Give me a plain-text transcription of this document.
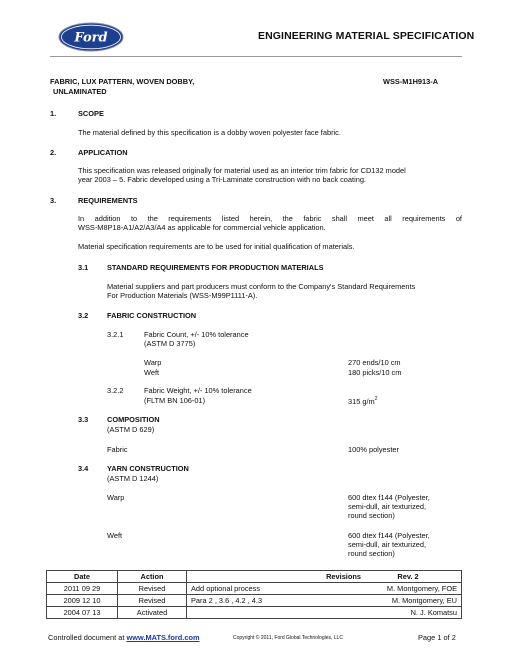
Ford	ENGINEERING MATERIAL SPECIFICATION
FABRIC, LUX PATTERN, WOVEN DOBBY,
UNLAMINATED
WSS-M1H913-A
1.	SCOPE
The material defined by this specification is a dobby woven polyester face fabric.
2.	APPLICATION
This specification was released originally for material used as an interior trim fabric for CD132 model
year 2003 – 5. Fabric developed using a Tri-Laminate construction with no back coating.
3.	REQUIREMENTS
In addition to the requirements listed herein, the fabric shall meet all requirements of
WSS-M8P18-A1/A2/A3/A4 as applicable for commercial vehicle application.
Material specification requirements are to be used for initial qualification of materials.
3.1	STANDARD REQUIREMENTS FOR PRODUCTION MATERIALS
Material suppliers and part producers must conform to the Company's Standard Requirements
For Production Materials (WSS-M99P1111-A).
3.2	FABRIC CONSTRUCTION
3.2.1	Fabric Count, +/- 10% tolerance
(ASTM D 3775)
Warp	270 ends/10 cm
Weft	180 picks/10 cm
3.2.2	Fabric Weight, +/- 10% tolerance
(FLTM BN 106-01)	315 $g/m^2$
3.3	COMPOSITION
(ASTM D 629)
Fabric	100% polyester
3.4	YARN CONSTRUCTION
(ASTM D 1244)
Warp	600 dtex f144 (Polyester,
semi-dull, air texturized,
round section)
Weft	600 dtex f144 (Polyester,
semi-dull, air texturized,
round section)
Date	Action	Revisions	Rev. 2
2011 09 29	Revised	Add optional process	M. Montgomery, FOE
2009 12 10	Revised	Para 2 , 3.6 , 4.2 , 4.3	M. Montgomery, EU
2004 07 13	Activated		N. J. Komatsu
Controlled document at www.MATS.ford.com	Copyright © 2011, Ford Global Technologies, LLC	Page 1 of 2
